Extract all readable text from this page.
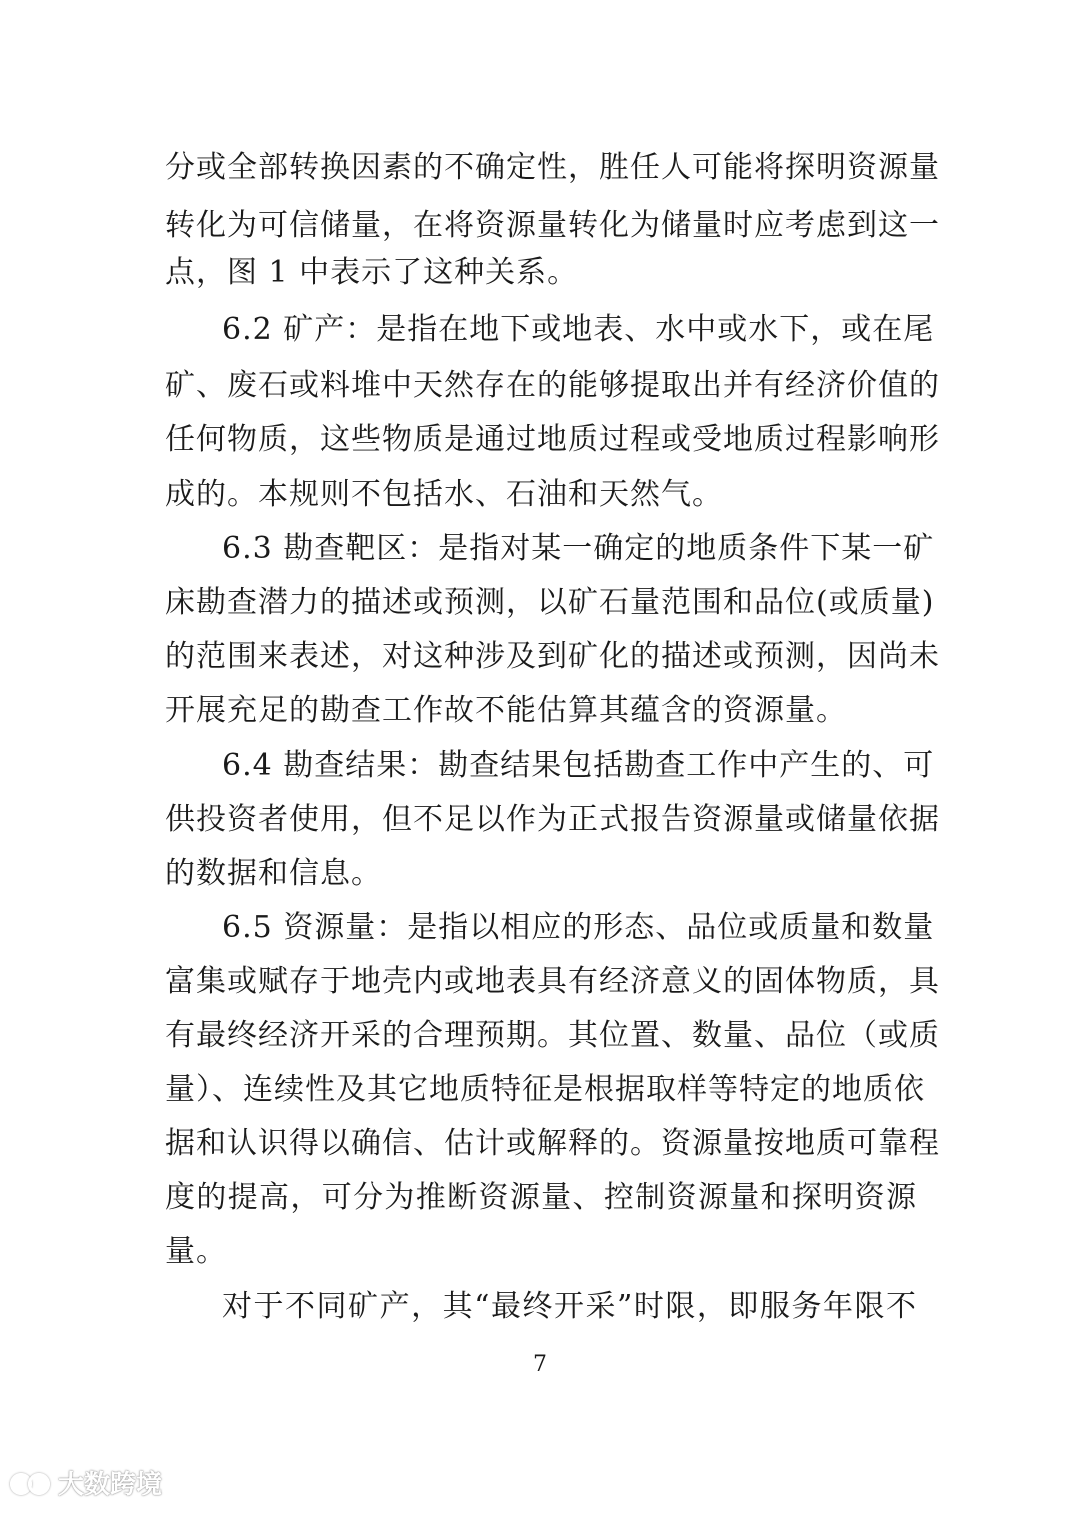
分或全部转换因素的不确定性，胜任人可能将探明资源量
转化为可信储量，在将资源量转化为储量时应考虑到这一
点，图 1 中表示了这种关系。
6.2 矿产：是指在地下或地表、水中或水下，或在尾
矿、废石或料堆中天然存在的能够提取出并有经济价值的
任何物质，这些物质是通过地质过程或受地质过程影响形
成的。本规则不包括水、石油和天然气。
6.3 勘查靶区：是指对某一确定的地质条件下某一矿
床勘查潜力的描述或预测，以矿石量范围和品位(或质量)
的范围来表述，对这种涉及到矿化的描述或预测，因尚未
开展充足的勘查工作故不能估算其蕴含的资源量。
6.4 勘查结果：勘查结果包括勘查工作中产生的、可
供投资者使用，但不足以作为正式报告资源量或储量依据
的数据和信息。
6.5 资源量：是指以相应的形态、品位或质量和数量
富集或赋存于地壳内或地表具有经济意义的固体物质，具
有最终经济开采的合理预期。其位置、数量、品位（或质
量）、连续性及其它地质特征是根据取样等特定的地质依
据和认识得以确信、估计或解释的。资源量按地质可靠程
度的提高，可分为推断资源量、控制资源量和探明资源
量。
对于不同矿产，其“最终开采”时限，即服务年限不
7
大数跨境
